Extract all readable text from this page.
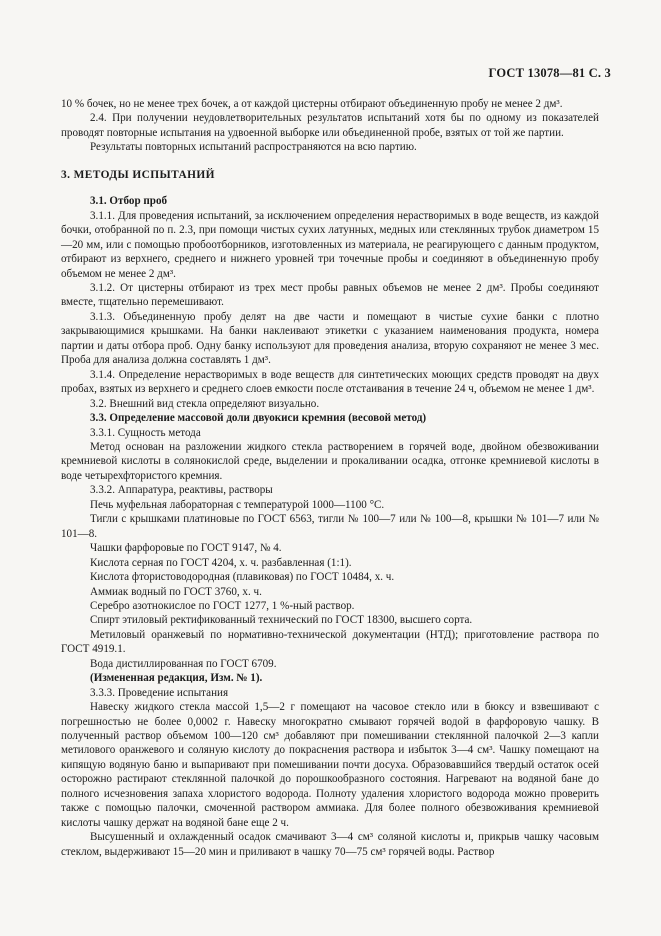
ГОСТ 13078—81 С. 3

10 % бочек, но не менее трех бочек, а от каждой цистерны отбирают объединенную пробу не менее 2 дм³.

2.4. При получении неудовлетворительных результатов испытаний хотя бы по одному из показателей проводят повторные испытания на удвоенной выборке или объединенной пробе, взятых от той же партии.

Результаты повторных испытаний распространяются на всю партию.

3. МЕТОДЫ ИСПЫТАНИЙ

3.1. Отбор проб

3.1.1. Для проведения испытаний, за исключением определения нерастворимых в воде веществ, из каждой бочки, отобранной по п. 2.3, при помощи чистых сухих латунных, медных или стеклянных трубок диаметром 15—20 мм, или с помощью пробоотборников, изготовленных из материала, не реагирующего с данным продуктом, отбирают из верхнего, среднего и нижнего уровней три точечные пробы и соединяют в объединенную пробу объемом не менее 2 дм³.

3.1.2. От цистерны отбирают из трех мест пробы равных объемов не менее 2 дм³. Пробы соединяют вместе, тщательно перемешивают.

3.1.3. Объединенную пробу делят на две части и помещают в чистые сухие банки с плотно закрывающимися крышками. На банки наклеивают этикетки с указанием наименования продукта, номера партии и даты отбора проб. Одну банку используют для проведения анализа, вторую сохраняют не менее 3 мес. Проба для анализа должна составлять 1 дм³.

3.1.4. Определение нерастворимых в воде веществ для синтетических моющих средств проводят на двух пробах, взятых из верхнего и среднего слоев емкости после отстаивания в течение 24 ч, объемом не менее 1 дм³.

3.2. Внешний вид стекла определяют визуально.

3.3. Определение массовой доли двуокиси кремния (весовой метод)

3.3.1. Сущность метода

Метод основан на разложении жидкого стекла растворением в горячей воде, двойном обезвоживании кремниевой кислоты в солянокислой среде, выделении и прокаливании осадка, отгонке кремниевой кислоты в воде четырехфтористого кремния.

3.3.2. Аппаратура, реактивы, растворы

Печь муфельная лабораторная с температурой 1000—1100 °С.

Тигли с крышками платиновые по ГОСТ 6563, тигли № 100—7 или № 100—8, крышки № 101—7 или № 101—8.

Чашки фарфоровые по ГОСТ 9147, № 4.

Кислота серная по ГОСТ 4204, х. ч. разбавленная (1:1).

Кислота фтористоводородная (плавиковая) по ГОСТ 10484, х. ч.

Аммиак водный по ГОСТ 3760, х. ч.

Серебро азотнокислое по ГОСТ 1277, 1 %-ный раствор.

Спирт этиловый ректификованный технический по ГОСТ 18300, высшего сорта.

Метиловый оранжевый по нормативно-технической документации (НТД); приготовление раствора по ГОСТ 4919.1.

Вода дистиллированная по ГОСТ 6709.

(Измененная редакция, Изм. № 1).

3.3.3. Проведение испытания

Навеску жидкого стекла массой 1,5—2 г помещают на часовое стекло или в бюксу и взвешивают с погрешностью не более 0,0002 г. Навеску многократно смывают горячей водой в фарфоровую чашку. В полученный раствор объемом 100—120 см³ добавляют при помешивании стеклянной палочкой 2—3 капли метилового оранжевого и соляную кислоту до покраснения раствора и избыток 3—4 см³. Чашку помещают на кипящую водяную баню и выпаривают при помешивании почти досуха. Образовавшийся твердый остаток осей осторожно растирают стеклянной палочкой до порошкообразного состояния. Нагревают на водяной бане до полного исчезновения запаха хлористого водорода. Полноту удаления хлористого водорода можно проверить также с помощью палочки, смоченной раствором аммиака. Для более полного обезвоживания кремниевой кислоты чашку держат на водяной бане еще 2 ч.

Высушенный и охлажденный осадок смачивают 3—4 см³ соляной кислоты и, прикрыв чашку часовым стеклом, выдерживают 15—20 мин и приливают в чашку 70—75 см³ горячей воды. Раствор
